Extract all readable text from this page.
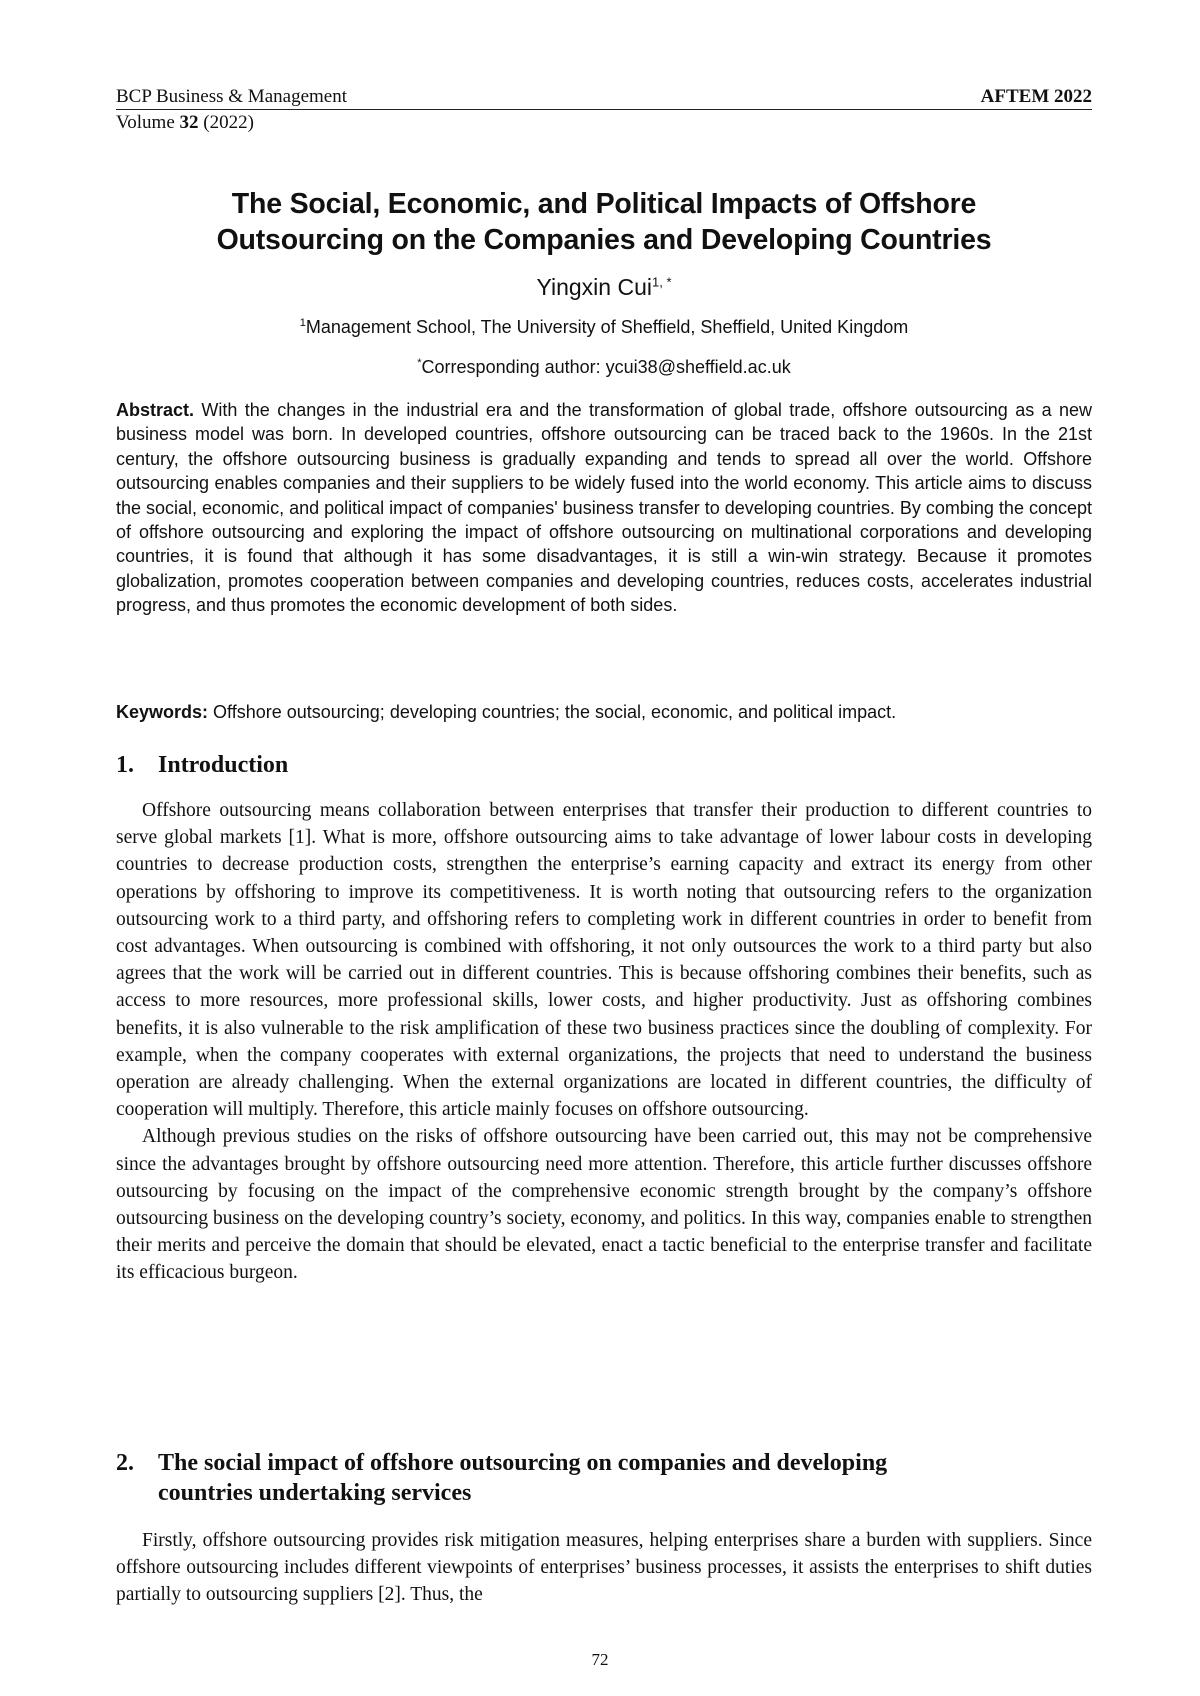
BCP Business & Management	AFTEM 2022
Volume 32 (2022)
The Social, Economic, and Political Impacts of Offshore
Outsourcing on the Companies and Developing Countries
Yingxin Cui$^{1, *}$
$^1$Management School, The University of Sheffield, Sheffield, United Kingdom
*Corresponding author: ycui38@sheffield.ac.uk
Abstract. With the changes in the industrial era and the transformation of global trade, offshore outsourcing as a new business model was born. In developed countries, offshore outsourcing can be traced back to the 1960s. In the 21st century, the offshore outsourcing business is gradually expanding and tends to spread all over the world. Offshore outsourcing enables companies and their suppliers to be widely fused into the world economy. This article aims to discuss the social, economic, and political impact of companies' business transfer to developing countries. By combing the concept of offshore outsourcing and exploring the impact of offshore outsourcing on multinational corporations and developing countries, it is found that although it has some disadvantages, it is still a win-win strategy. Because it promotes globalization, promotes cooperation between companies and developing countries, reduces costs, accelerates industrial progress, and thus promotes the economic development of both sides.
Keywords: Offshore outsourcing; developing countries; the social, economic, and political impact.
1. Introduction

Offshore outsourcing means collaboration between enterprises that transfer their production to different countries to serve global markets [1]. What is more, offshore outsourcing aims to take advantage of lower labour costs in developing countries to decrease production costs, strengthen the enterprise’s earning capacity and extract its energy from other operations by offshoring to improve its competitiveness. It is worth noting that outsourcing refers to the organization outsourcing work to a third party, and offshoring refers to completing work in different countries in order to benefit from cost advantages. When outsourcing is combined with offshoring, it not only outsources the work to a third party but also agrees that the work will be carried out in different countries. This is because offshoring combines their benefits, such as access to more resources, more professional skills, lower costs, and higher productivity. Just as offshoring combines benefits, it is also vulnerable to the risk amplification of these two business practices since the doubling of complexity. For example, when the company cooperates with external organizations, the projects that need to understand the business operation are already challenging. When the external organizations are located in different countries, the difficulty of cooperation will multiply. Therefore, this article mainly focuses on offshore outsourcing.

Although previous studies on the risks of offshore outsourcing have been carried out, this may not be comprehensive since the advantages brought by offshore outsourcing need more attention. Therefore, this article further discusses offshore outsourcing by focusing on the impact of the comprehensive economic strength brought by the company’s offshore outsourcing business on the developing country’s society, economy, and politics. In this way, companies enable to strengthen their merits and perceive the domain that should be elevated, enact a tactic beneficial to the enterprise transfer and facilitate its efficacious burgeon.

2.	The social impact of offshore outsourcing on companies and developing
countries undertaking services

Firstly, offshore outsourcing provides risk mitigation measures, helping enterprises share a burden with suppliers. Since offshore outsourcing includes different viewpoints of enterprises’ business processes, it assists the enterprises to shift duties partially to outsourcing suppliers [2]. Thus, the

72
